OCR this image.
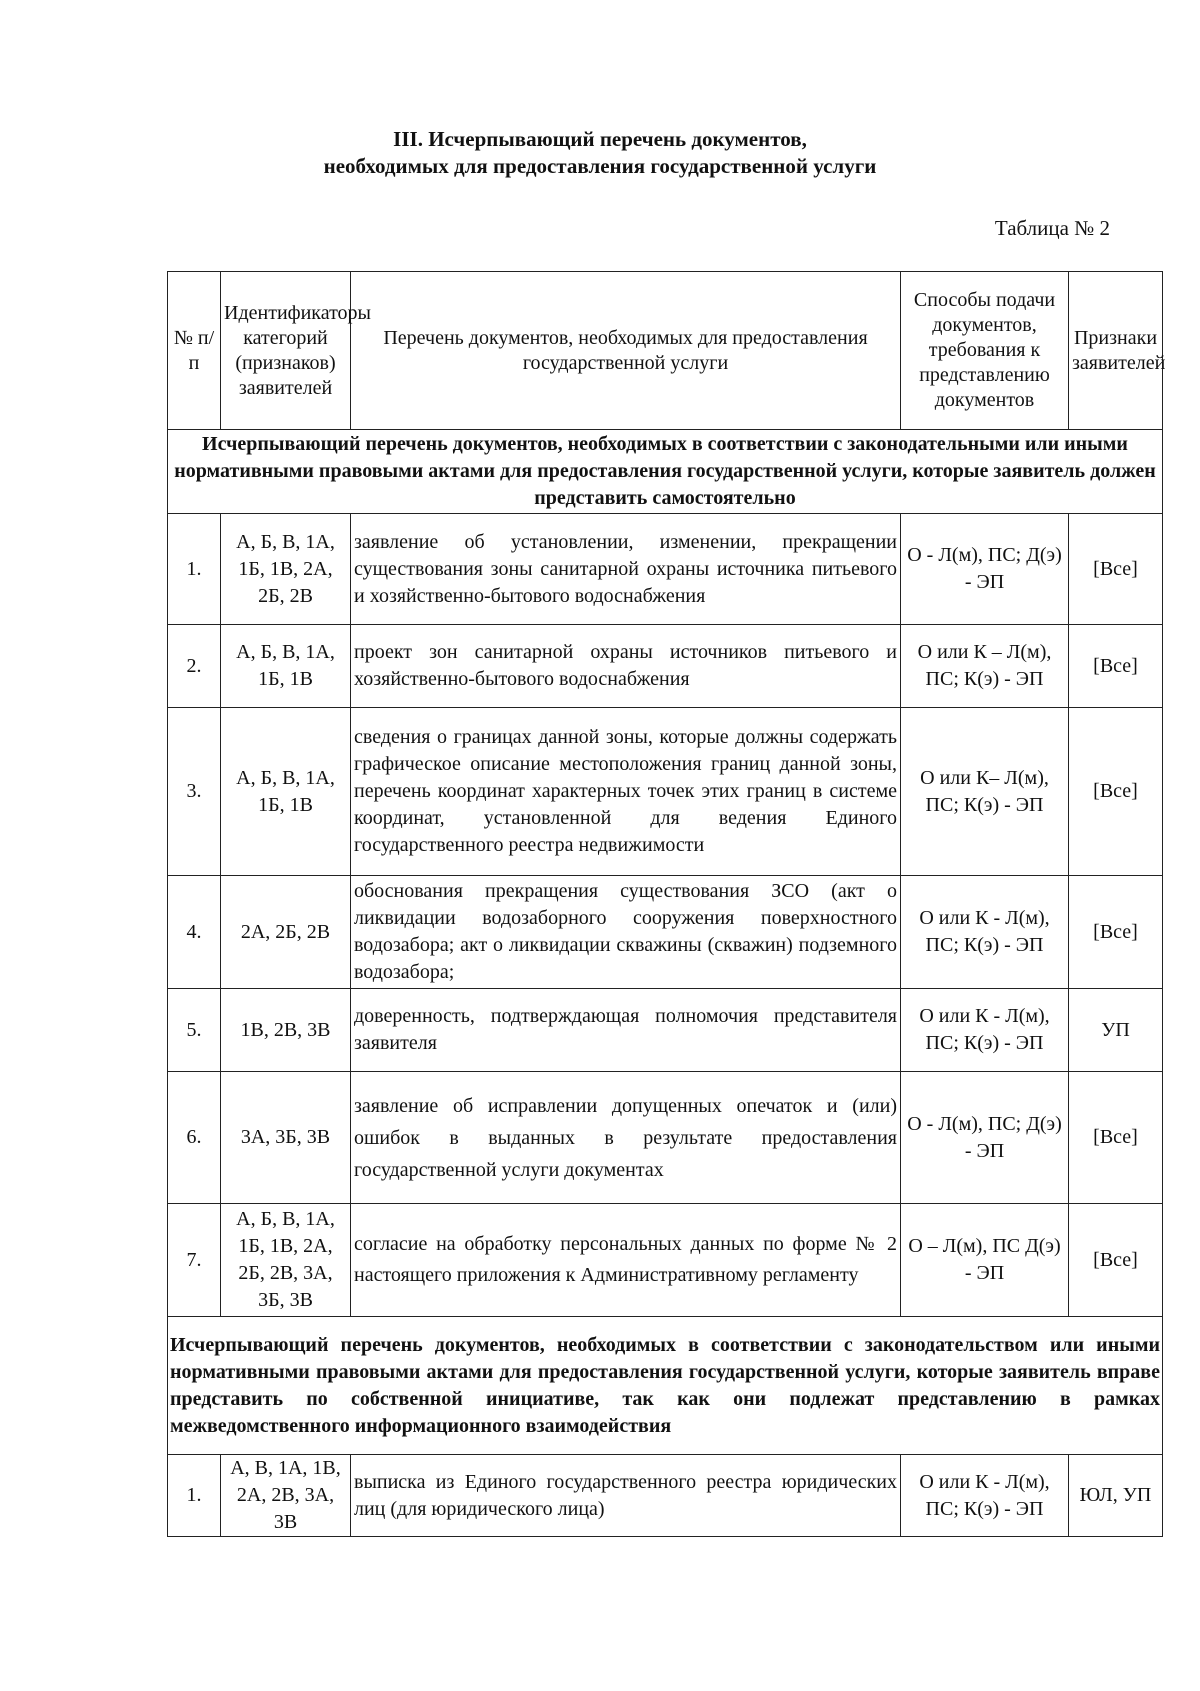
III. Исчерпывающий перечень документов,
необходимых для предоставления государственной услуги
Таблица № 2
№ п/п	Идентификаторы категорий (признаков) заявителей	Перечень документов, необходимых для предоставления государственной услуги	Способы подачи документов, требования к представлению документов	Признаки заявителей
Исчерпывающий перечень документов, необходимых в соответствии с законодательными или иными нормативными правовыми актами для предоставления государственной услуги, которые заявитель должен представить самостоятельно				
1.	А, Б, В, 1А, 1Б, 1В, 2А, 2Б, 2В	заявление об установлении, изменении, прекращении существования зоны санитарной охраны источника питьевого и хозяйственно-бытового водоснабжения	О - Л(м), ПС; Д(э) - ЭП	[Все]
2.	А, Б, В, 1А, 1Б, 1В	проект зон санитарной охраны источников питьевого и хозяйственно-бытового водоснабжения	О или К – Л(м), ПС; К(э) - ЭП	[Все]
3.	А, Б, В, 1А, 1Б, 1В	сведения о границах данной зоны, которые должны содержать графическое описание местоположения границ данной зоны, перечень координат характерных точек этих границ в системе координат, установленной для ведения Единого государственного реестра недвижимости	О или К– Л(м), ПС; К(э) - ЭП	[Все]
4.	2А, 2Б, 2В	обоснования прекращения существования ЗСО (акт о ликвидации водозаборного сооружения поверхностного водозабора; акт о ликвидации скважины (скважин) подземного водозабора;	О или К - Л(м), ПС; К(э) - ЭП	[Все]
5.	1В, 2В, 3В	доверенность, подтверждающая полномочия представителя заявителя	О или К - Л(м), ПС; К(э) - ЭП	УП
6.	3А, 3Б, 3В	заявление об исправлении допущенных опечаток и (или) ошибок в выданных в результате предоставления государственной услуги документах	О - Л(м), ПС; Д(э) - ЭП	[Все]
7.	А, Б, В, 1А, 1Б, 1В, 2А, 2Б, 2В, 3А, 3Б, 3В	согласие на обработку персональных данных по форме № 2 настоящего приложения к Административному регламенту	О – Л(м), ПС Д(э) - ЭП	[Все]
Исчерпывающий перечень документов, необходимых в соответствии с законодательством или иными нормативными правовыми актами для предоставления государственной услуги, которые заявитель вправе представить по собственной инициативе, так как они подлежат представлению в рамках межведомственного информационного взаимодействия				
1.	А, В, 1А, 1В, 2А, 2В, 3А, 3В	выписка из Единого государственного реестра юридических лиц (для юридического лица)	О или К - Л(м), ПС; К(э) - ЭП	ЮЛ, УП
